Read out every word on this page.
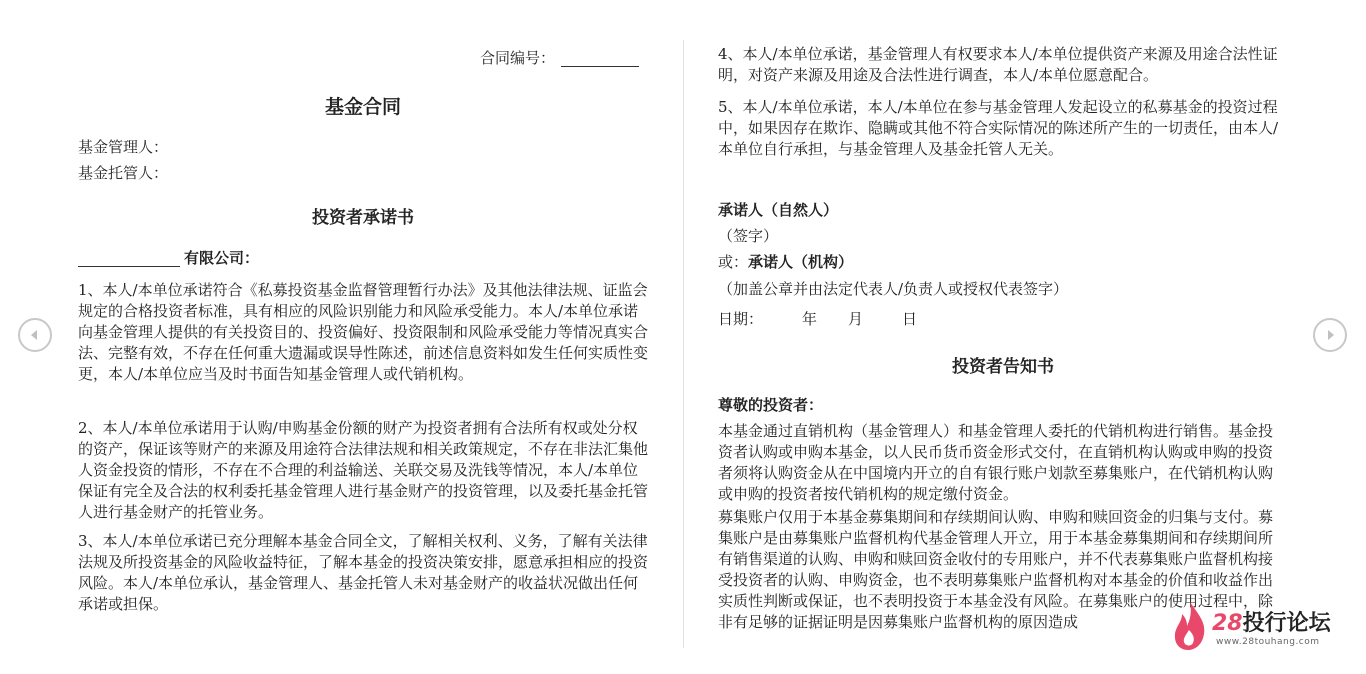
合同编号：
基金合同

基金管理人：

基金托管人：

投资者承诺书
有限公司：

1、本人/本单位承诺符合《私募投资基金监督管理暂行办法》及其他法律法规、证监会规定的合格投资者标准，具有相应的风险识别能力和风险承受能力。本人/本单位承诺向基金管理人提供的有关投资目的、投资偏好、投资限制和风险承受能力等情况真实合法、完整有效，不存在任何重大遗漏或误导性陈述，前述信息资料如发生任何实质性变更，本人/本单位应当及时书面告知基金管理人或代销机构。

2、本人/本单位承诺用于认购/申购基金份额的财产为投资者拥有合法所有权或处分权的资产，保证该等财产的来源及用途符合法律法规和相关政策规定，不存在非法汇集他人资金投资的情形，不存在不合理的利益输送、关联交易及洗钱等情况，本人/本单位保证有完全及合法的权利委托基金管理人进行基金财产的投资管理，以及委托基金托管人进行基金财产的托管业务。

3、本人/本单位承诺已充分理解本基金合同全文，了解相关权利、义务，了解有关法律法规及所投资基金的风险收益特征，了解本基金的投资决策安排，愿意承担相应的投资风险。本人/本单位承认，基金管理人、基金托管人未对基金财产的收益状况做出任何承诺或担保。

4、本人/本单位承诺，基金管理人有权要求本人/本单位提供资产来源及用途合法性证明，对资产来源及用途及合法性进行调查，本人/本单位愿意配合。

5、本人/本单位承诺，本人/本单位在参与基金管理人发起设立的私募基金的投资过程中，如果因存在欺诈、隐瞒或其他不符合实际情况的陈述所产生的一切责任，由本人/本单位自行承担，与基金管理人及基金托管人无关。

承诺人（自然人）

（签字）

或：承诺人（机构）

（加盖公章并由法定代表人/负责人或授权代表签字）

日期：	年 月	日

投资者告知书

尊敬的投资者：

本基金通过直销机构（基金管理人）和基金管理人委托的代销机构进行销售。基金投资者认购或申购本基金，以人民币货币资金形式交付，在直销机构认购或申购的投资者须将认购资金从在中国境内开立的自有银行账户划款至募集账户，在代销机构认购或申购的投资者按代销机构的规定缴付资金。

募集账户仅用于本基金募集期间和存续期间认购、申购和赎回资金的归集与支付。募集账户是由募集账户监督机构代基金管理人开立，用于本基金募集期间和存续期间所有销售渠道的认购、申购和赎回资金收付的专用账户，并不代表募集账户监督机构接受投资者的认购、申购资金，也不表明募集账户监督机构对本基金的价值和收益作出实质性判断或保证，也不表明投资于本基金没有风险。在募集账户的使用过程中，除非有足够的证据证明是因募集账户监督机构的原因造成	28投行论坛
www.28touhang.com
